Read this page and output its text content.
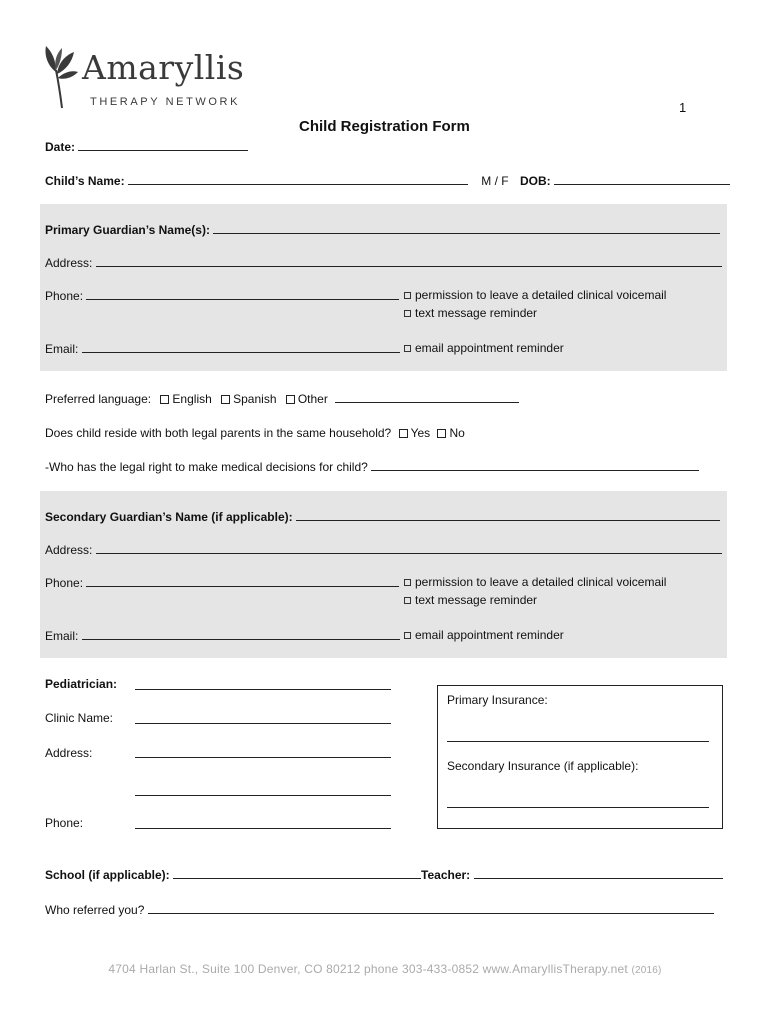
Amaryllis
THERAPY NETWORK	1
Child Registration Form
Date:
Child’s Name:	M / F DOB:
Primary Guardian’s Name(s):
Address:
Phone:	permission to leave a detailed clinical voicemail
text message reminder
Email:	email appointment reminder
Preferred language: English Spanish Other
Does child reside with both legal parents in the same household? Yes No
-Who has the legal right to make medical decisions for child?
Secondary Guardian’s Name (if applicable):
Address:
Phone:	permission to leave a detailed clinical voicemail
text message reminder
Email:	email appointment reminder
Pediatrician:
Clinic Name:
Address:
Phone:
Primary Insurance:
Secondary Insurance (if applicable):
School (if applicable):	Teacher:
Who referred you?
4704 Harlan St., Suite 100 Denver, CO 80212 phone 303-433-0852 www.AmaryllisTherapy.net (2016)
